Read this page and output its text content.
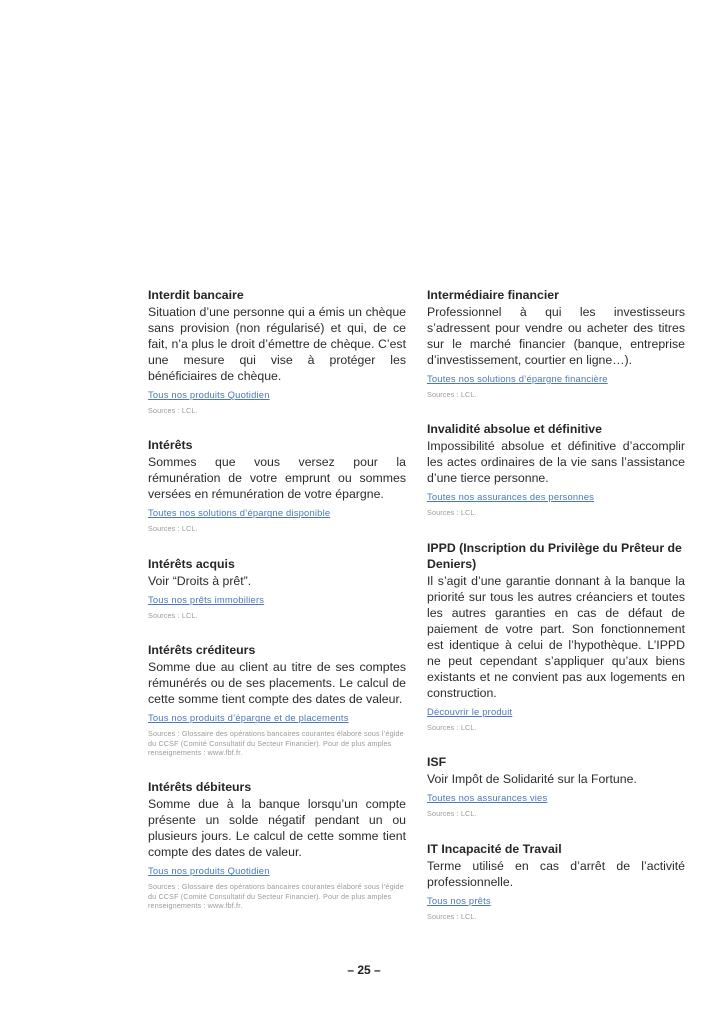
Interdit bancaire

Situation d’une personne qui a émis un chèque sans provision (non régularisé) et qui, de ce fait, n’a plus le droit d’émettre de chèque. C’est une mesure qui vise à protéger les bénéficiaires de chèque.

Tous nos produits Quotidien
Sources : LCL.

Intérêts

Sommes que vous versez pour la rémunération de votre emprunt ou sommes versées en rémunération de votre épargne.

Toutes nos solutions d’épargne disponible
Sources : LCL.

Intérêts acquis

Voir “Droits à prêt”.

Tous nos prêts immobiliers
Sources : LCL.

Intérêts créditeurs

Somme due au client au titre de ses comptes rémunérés ou de ses placements. Le calcul de cette somme tient compte des dates de valeur.

Tous nos produits d’épargne et de placements
Sources : Glossaire des opérations bancaires courantes élaboré sous l’égide du CCSF (Comité Consultatif du Secteur Financier). Pour de plus amples renseignements : www.fbf.fr.

Intérêts débiteurs

Somme due à la banque lorsqu’un compte présente un solde négatif pendant un ou plusieurs jours. Le calcul de cette somme tient compte des dates de valeur.

Tous nos produits Quotidien
Sources : Glossaire des opérations bancaires courantes élaboré sous l’égide du CCSF (Comité Consultatif du Secteur Financier). Pour de plus amples renseignements : www.fbf.fr.

Intermédiaire financier

Professionnel à qui les investisseurs s’adressent pour vendre ou acheter des titres sur le marché financier (banque, entreprise d’investissement, courtier en ligne…).

Toutes nos solutions d’épargne financière
Sources : LCL.

Invalidité absolue et définitive

Impossibilité absolue et définitive d’accomplir les actes ordinaires de la vie sans l’assistance d’une tierce personne.

Toutes nos assurances des personnes
Sources : LCL.

IPPD (Inscription du Privilège du Prêteur de Deniers)

Il s’agit d’une garantie donnant à la banque la priorité sur tous les autres créanciers et toutes les autres garanties en cas de défaut de paiement de votre part. Son fonctionnement est identique à celui de l’hypothèque. L’IPPD ne peut cependant s’appliquer qu’aux biens existants et ne convient pas aux logements en construction.

Découvrir le produit
Sources : LCL.

ISF

Voir Impôt de Solidarité sur la Fortune.

Toutes nos assurances vies
Sources : LCL.

IT Incapacité de Travail

Terme utilisé en cas d’arrêt de l’activité professionnelle.

Tous nos prêts
Sources : LCL.
– 25 –
